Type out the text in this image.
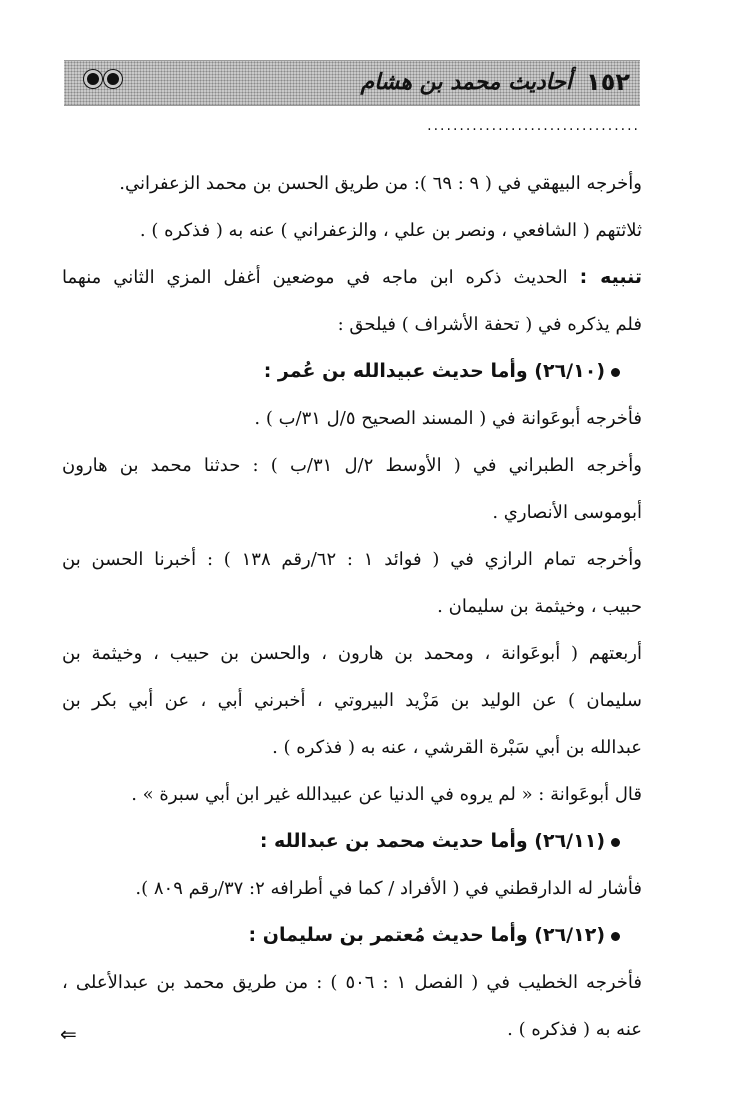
١٥٢
أحاديث محمد بن هشام
.................................
وأخرجه البيهقي في ( ٩ : ٦٩ ): من طريق الحسن بن محمد الزعفراني.
ثلاثتهم ( الشافعي ، ونصر بن علي ، والزعفراني ) عنه به ( فذكره ) .
تنبيه : الحديث ذكره ابن ماجه في موضعين أغفل المزي الثاني منهما
فلم يذكره في ( تحفة الأشراف ) فيلحق :
(٢٦/١٠) وأما حديث عبيدالله بن عُمر :
فأخرجه أبوعَوانة في ( المسند الصحيح ٥/ل ٣١/ب ) .
وأخرجه الطبراني في ( الأوسط ٢/ل ٣١/ب ) : حدثنا محمد بن هارون
أبوموسى الأنصاري .
وأخرجه تمام الرازي في ( فوائد ١ : ٦٢/رقم ١٣٨ ) : أخبرنا الحسن بن
حبيب ، وخيثمة بن سليمان .
أربعتهم ( أبوعَوانة ، ومحمد بن هارون ، والحسن بن حبيب ، وخيثمة بن
سليمان ) عن الوليد بن مَزْيد البيروتي ، أخبرني أبي ، عن أبي بكر بن
عبدالله بن أبي سَبْرة القرشي ، عنه به ( فذكره ) .
قال أبوعَوانة : « لم يروه في الدنيا عن عبيدالله غير ابن أبي سبرة » .
(٢٦/١١) وأما حديث محمد بن عبدالله :
فأشار له الدارقطني في ( الأفراد / كما في أطرافه ٢: ٣٧/رقم ٨٠٩ ).
(٢٦/١٢) وأما حديث مُعتمر بن سليمان :
فأخرجه الخطيب في ( الفصل ١ : ٥٠٦ ) : من طريق محمد بن عبدالأعلى ،
عنه به ( فذكره ) .
⇐
